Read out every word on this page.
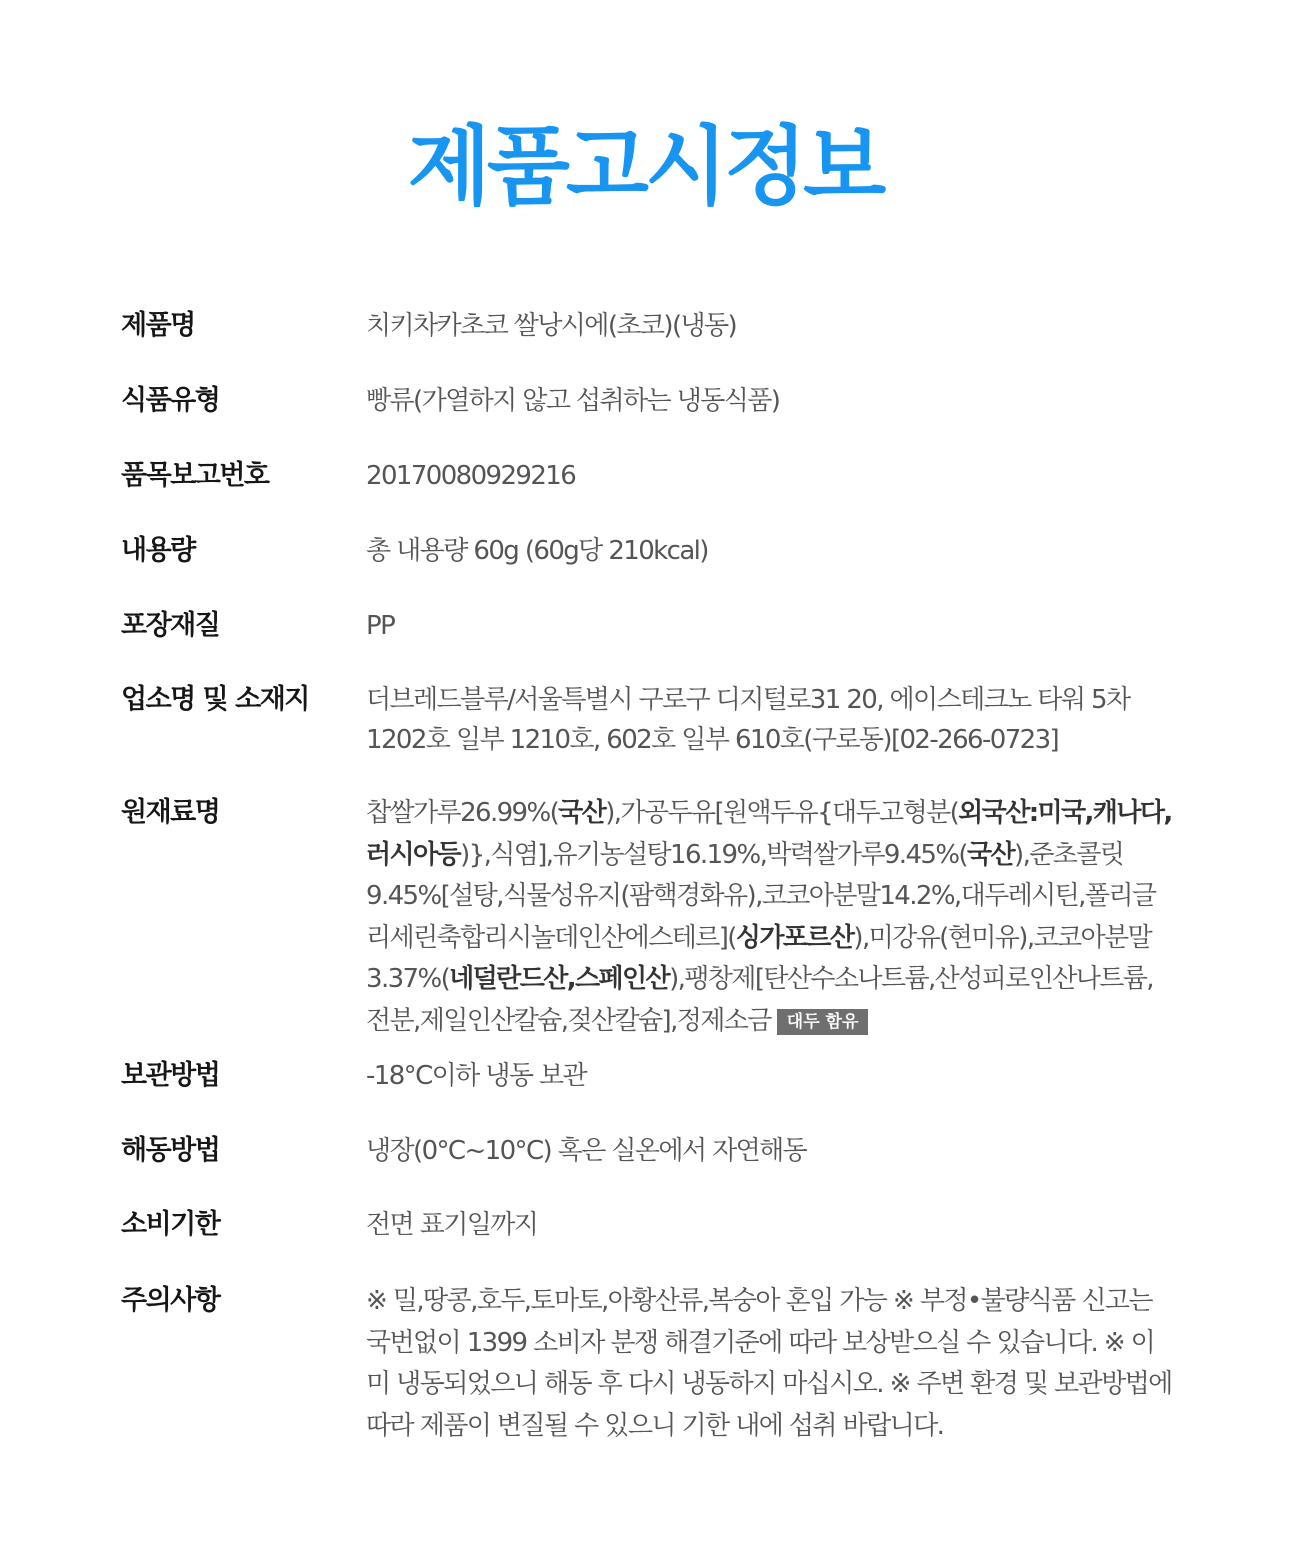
제품고시정보
제품명	치키차카초코 쌀낭시에(초코)(냉동)
식품유형	빵류(가열하지 않고 섭취하는 냉동식품)
품목보고번호	20170080929216
내용량	총 내용량 60g (60g당 210kcal)
포장재질	PP
업소명 및 소재지	더브레드블루/서울특별시 구로구 디지털로31 20, 에이스테크노 타워 5차 1202호 일부 1210호, 602호 일부 610호(구로동)[02-266-0723]
원재료명	찹쌀가루26.99%(국산),가공두유[원액두유{대두고형분(외국산:미국,캐나다,러시아등)},식염],유기농설탕16.19%,박력쌀가루9.45%(국산),준초콜릿9.45%[설탕,식물성유지(팜핵경화유),코코아분말14.2%,대두레시틴,폴리글리세린축합리시놀데인산에스테르](싱가포르산),미강유(현미유),코코아분말3.37%(네덜란드산,스페인산),팽창제[탄산수소나트륨,산성피로인산나트륨,전분,제일인산칼슘,젖산칼슘],정제소금 대두 함유
보관방법	-18°C이하 냉동 보관
해동방법	냉장(0°C~10°C) 혹은 실온에서 자연해동
소비기한	전면 표기일까지
주의사항	※ 밀,땅콩,호두,토마토,아황산류,복숭아 혼입 가능 ※ 부정•불량식품 신고는 국번없이 1399 소비자 분쟁 해결기준에 따라 보상받으실 수 있습니다. ※ 이미 냉동되었으니 해동 후 다시 냉동하지 마십시오. ※ 주변 환경 및 보관방법에 따라 제품이 변질될 수 있으니 기한 내에 섭취 바랍니다.
